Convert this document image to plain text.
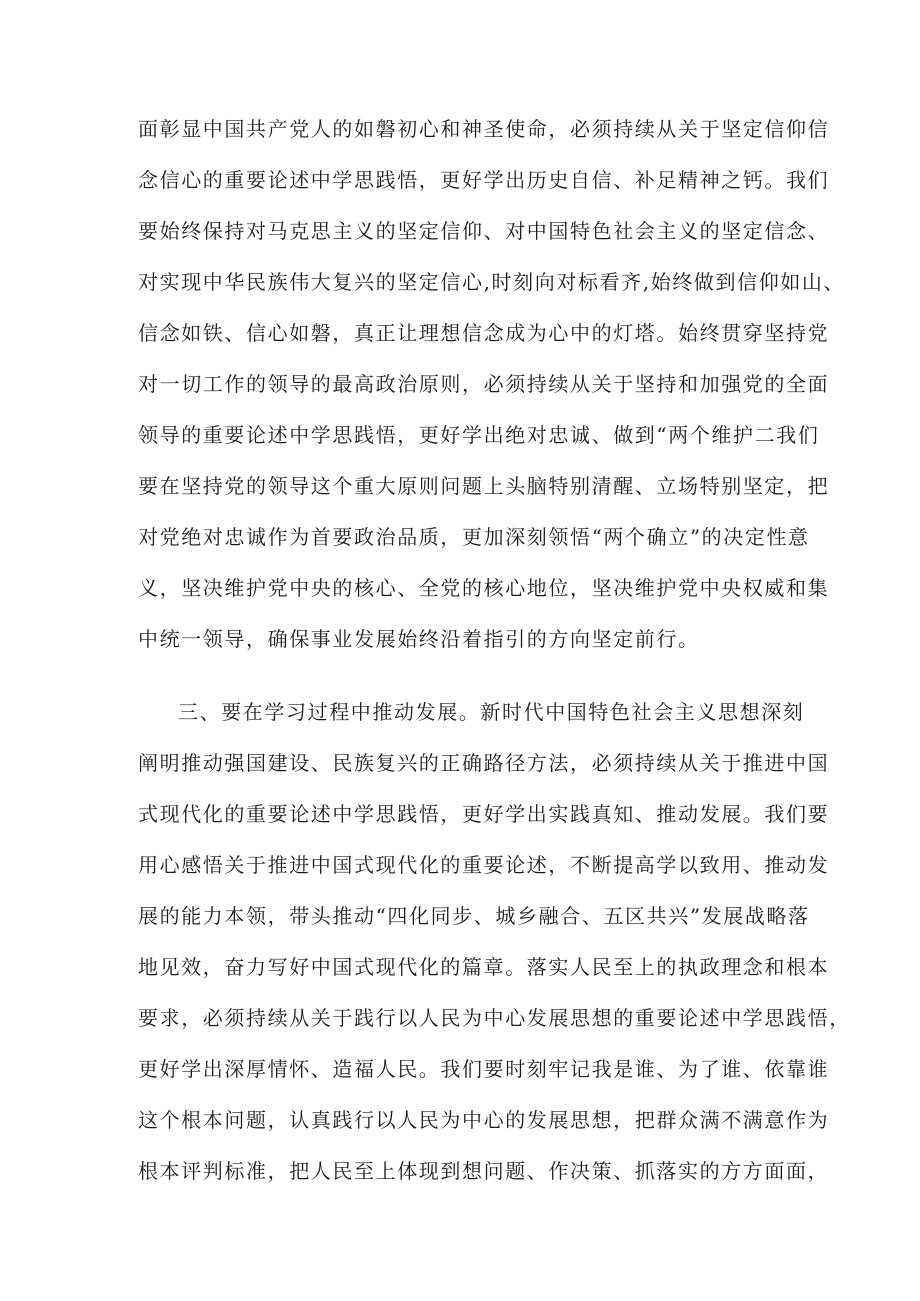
面彰显中国共产党人的如磐初心和神圣使命，必须持续从关于坚定信仰信
念信心的重要论述中学思践悟，更好学出历史自信、补足精神之钙。我们
要始终保持对马克思主义的坚定信仰、对中国特色社会主义的坚定信念、
对实现中华民族伟大复兴的坚定信心,时刻向对标看齐,始终做到信仰如山、
信念如铁、信心如磐，真正让理想信念成为心中的灯塔。始终贯穿坚持党
对一切工作的领导的最高政治原则，必须持续从关于坚持和加强党的全面
领导的重要论述中学思践悟，更好学出绝对忠诚、做到“两个维护二我们
要在坚持党的领导这个重大原则问题上头脑特别清醒、立场特别坚定，把
对党绝对忠诚作为首要政治品质，更加深刻领悟“两个确立”的决定性意
义，坚决维护党中央的核心、全党的核心地位，坚决维护党中央权威和集
中统一领导，确保事业发展始终沿着指引的方向坚定前行。
三、要在学习过程中推动发展。新时代中国特色社会主义思想深刻
阐明推动强国建设、民族复兴的正确路径方法，必须持续从关于推进中国
式现代化的重要论述中学思践悟，更好学出实践真知、推动发展。我们要
用心感悟关于推进中国式现代化的重要论述，不断提高学以致用、推动发
展的能力本领，带头推动“四化同步、城乡融合、五区共兴”发展战略落
地见效，奋力写好中国式现代化的篇章。落实人民至上的执政理念和根本
要求，必须持续从关于践行以人民为中心发展思想的重要论述中学思践悟，
更好学出深厚情怀、造福人民。我们要时刻牢记我是谁、为了谁、依靠谁
这个根本问题，认真践行以人民为中心的发展思想，把群众满不满意作为
根本评判标准，把人民至上体现到想问题、作决策、抓落实的方方面面，
